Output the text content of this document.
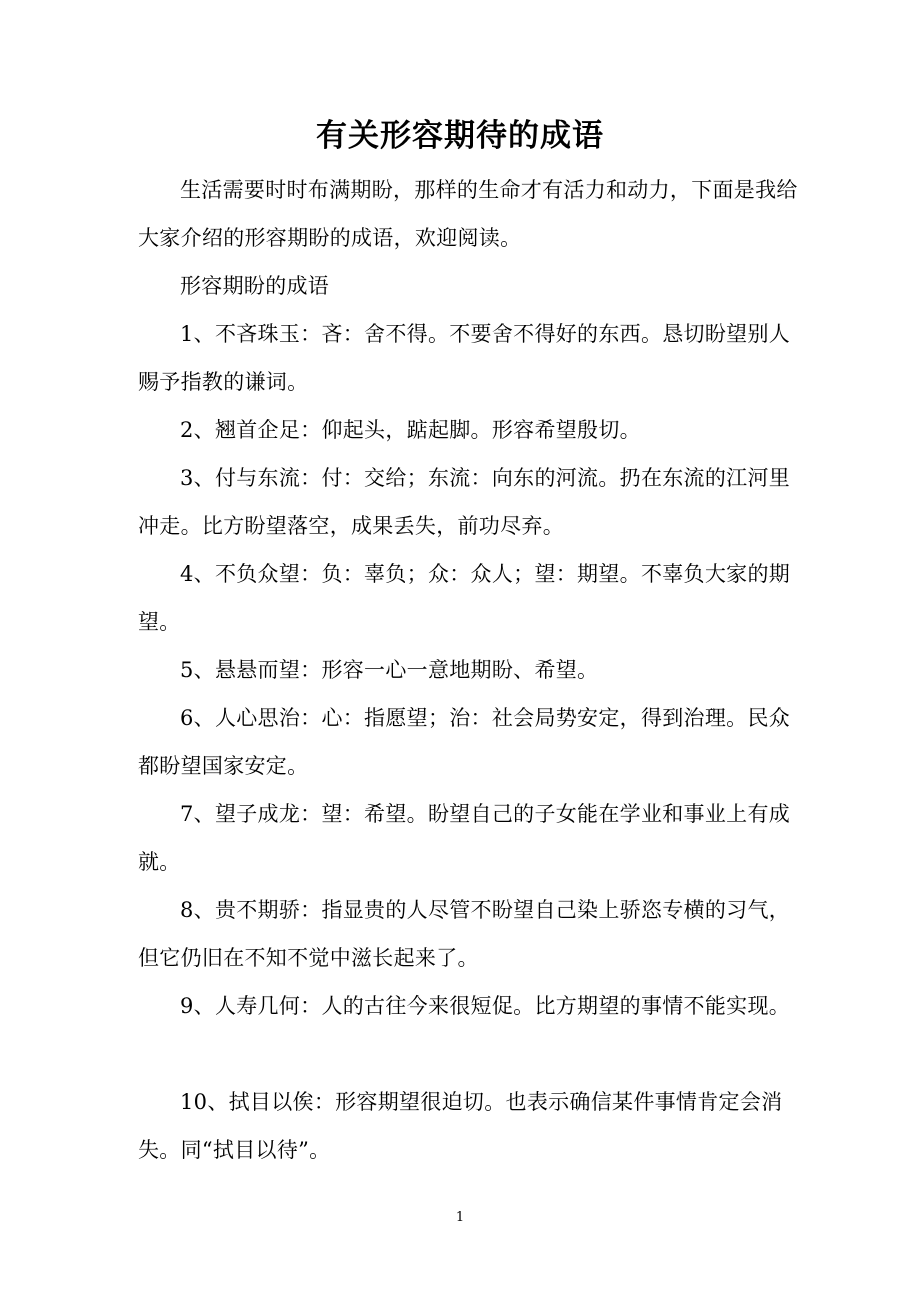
有关形容期待的成语

生活需要时时布满期盼，那样的生命才有活力和动力，下面是我给大家介绍的形容期盼的成语，欢迎阅读。

形容期盼的成语

1、不吝珠玉：吝：舍不得。不要舍不得好的东西。恳切盼望别人赐予指教的谦词。

2、翘首企足：仰起头，踮起脚。形容希望殷切。

3、付与东流：付：交给；东流：向东的河流。扔在东流的江河里冲走。比方盼望落空，成果丢失，前功尽弃。

4、不负众望：负：辜负；众：众人；望：期望。不辜负大家的期望。

5、悬悬而望：形容一心一意地期盼、希望。

6、人心思治：心：指愿望；治：社会局势安定，得到治理。民众都盼望国家安定。

7、望子成龙：望：希望。盼望自己的子女能在学业和事业上有成就。

8、贵不期骄：指显贵的人尽管不盼望自己染上骄恣专横的习气，但它仍旧在不知不觉中滋长起来了。

9、人寿几何：人的古往今来很短促。比方期望的事情不能实现。

10、拭目以俟：形容期望很迫切。也表示确信某件事情肯定会消失。同“拭目以待”。

1
